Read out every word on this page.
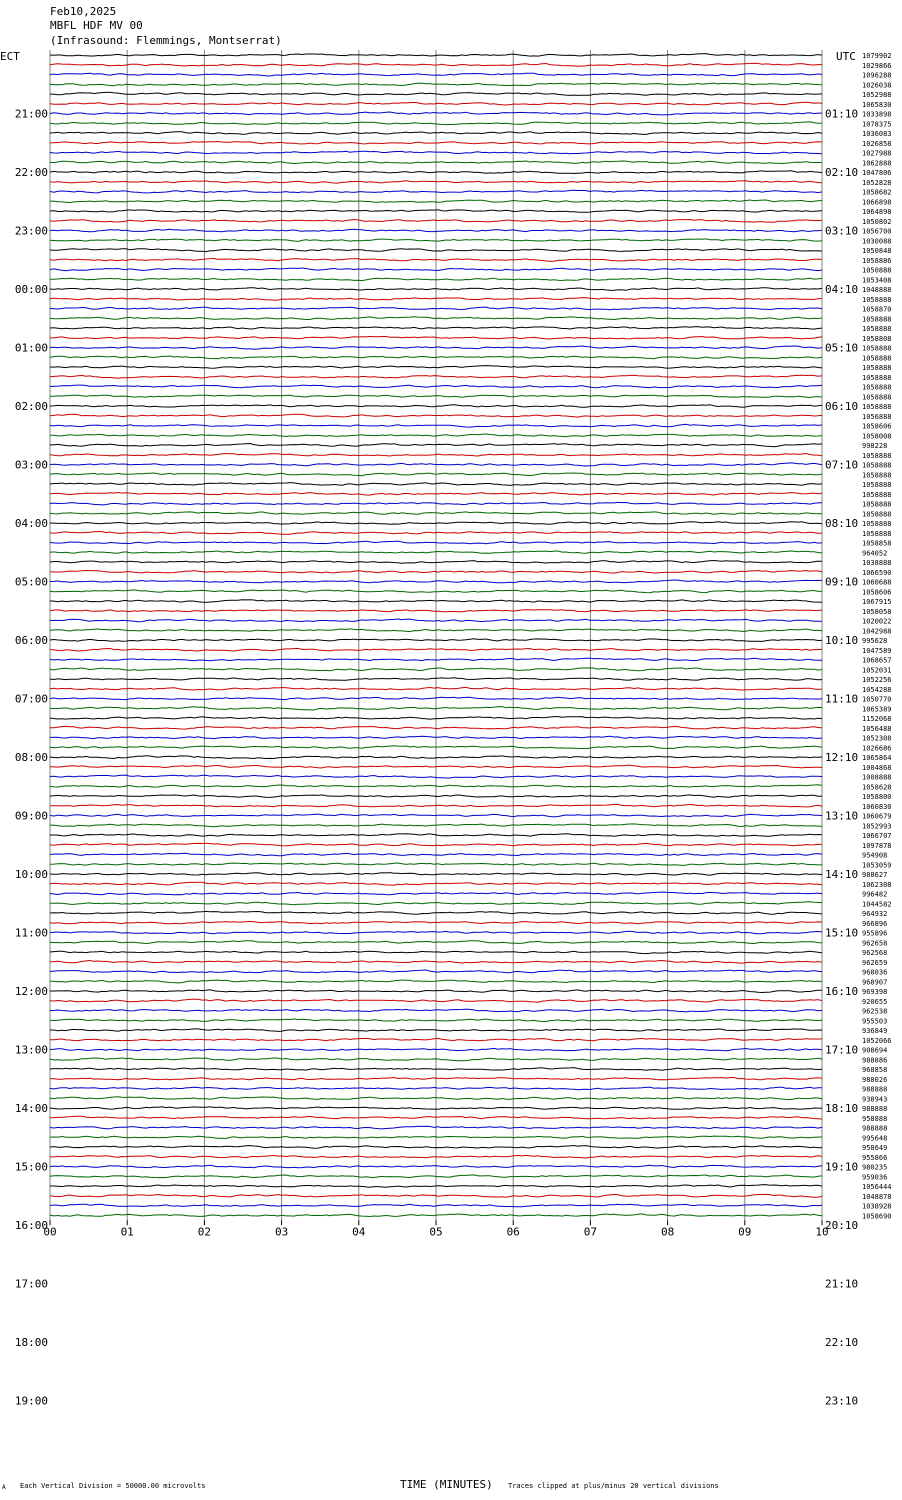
Feb10,2025
MBFL HDF MV 00
(Infrasound: Flemmings, Montserrat)
ECT	UTC
00	01	02	03	04	05	06	07	08	09	10
1079902
1029866
1096288
1026038
1052988
1065830
1033898
1078375
1036083
1026858
1027988
1062888
1047806
1052828
1058682
1066898
1064898
1050802
1056700
1030088
1050848
1058886
1050888
1053408
1048888
1058888
1058870
1058888
1058888
1058808
1058888
1058888
1058888
1058888
1058888
1058888
1058888
1056888
1058606
1058008
998228
1058888
1058888
1058888
1058888
1058888
1058888
1058888
1058888
1058888
1058858
964052
1038888
1066590
1060688
1058606
1067915
1058058
1020022
1042988
995628
1047589
1068657
1052031
1052256
1054288
1050770
1065389
1152068
1056488
1052308
1026686
1065864
1004868
1008888
1058628
1058800
1060830
1060679
1052993
1066707
1097878
954908
1053059
988627
1062308
996482
1044582
964932
966896
955896
962658
962568
962659
968036
968907
969398
920655
962538
955503
936849
1052066
908694
988886
968858
988026
988888
938943
988888
958888
988888
995648
958649
955866
980235
959036
1056444
1048878
1038928
1058690
21:00
22:00
23:00
00:00
01:00
02:00
03:00
04:00
05:00
06:00
07:00
08:00
09:00
10:00
11:00
12:00
13:00
14:00
15:00
16:00
17:00
18:00
19:00
01:10
02:10
03:10
04:10
05:10
06:10
07:10
08:10
09:10
10:10
11:10
12:10
13:10
14:10
15:10
16:10
17:10
18:10
19:10
20:10
21:10
22:10
23:10
A Each Vertical Division = 50000.00 microvolts	TIME (MINUTES) Traces clipped at plus/minus 20 vertical divisions
